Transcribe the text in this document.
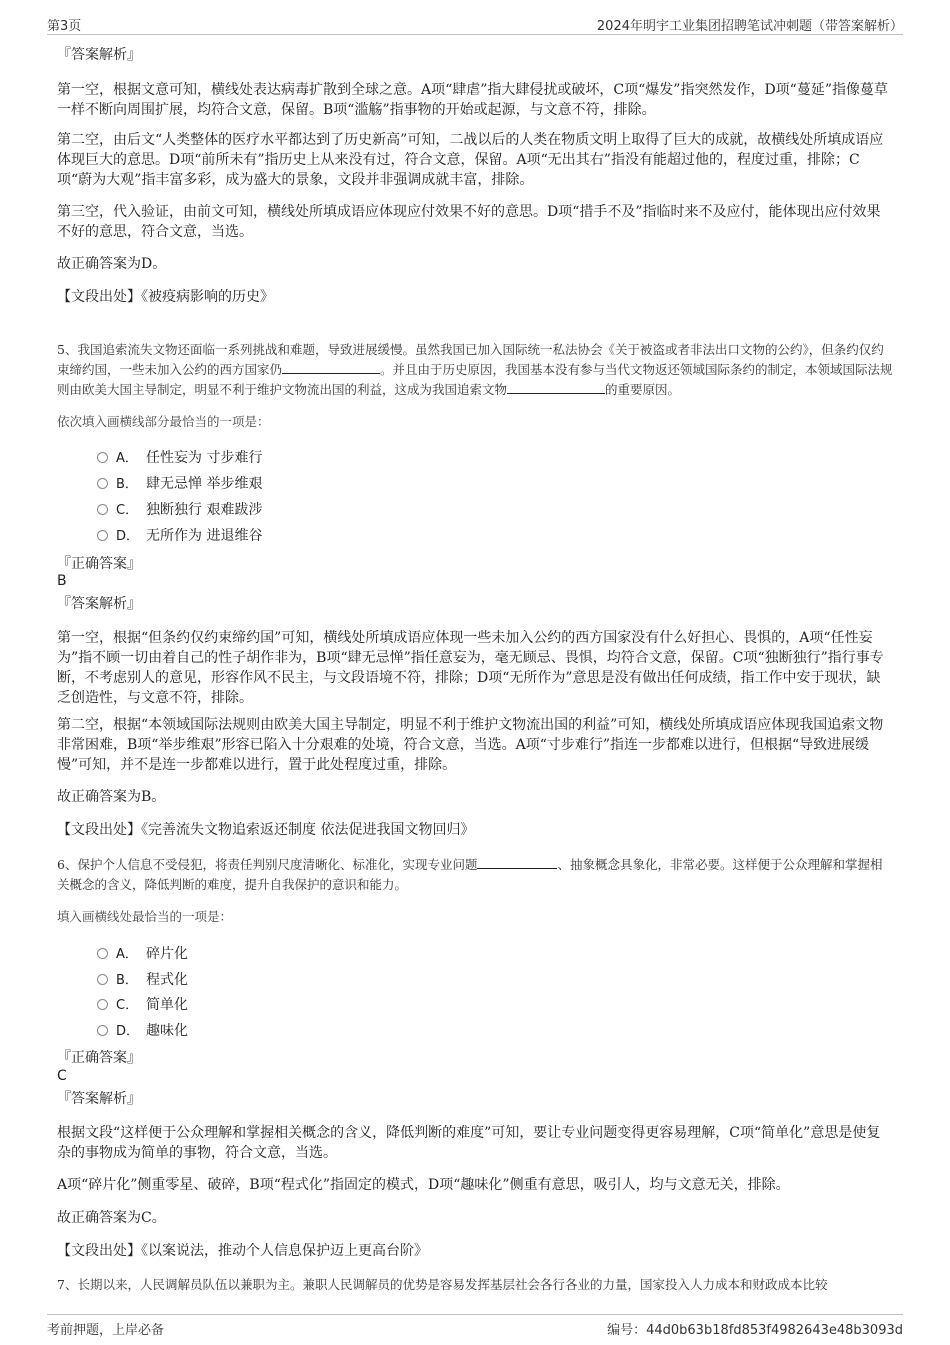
第3页	2024年明宇工业集团招聘笔试冲刺题（带答案解析）
『答案解析』

第一空，根据文意可知，横线处表达病毒扩散到全球之意。A项“肆虐”指大肆侵扰或破坏，C项“爆发”指突然发作，D项“蔓延”指像蔓草一样不断向周围扩展，均符合文意，保留。B项“滥觞”指事物的开始或起源，与文意不符，排除。

第二空，由后文“人类整体的医疗水平都达到了历史新高”可知，二战以后的人类在物质文明上取得了巨大的成就，故横线处所填成语应体现巨大的意思。D项“前所未有”指历史上从来没有过，符合文意，保留。A项“无出其右”指没有能超过他的，程度过重，排除；C项“蔚为大观”指丰富多彩，成为盛大的景象，文段并非强调成就丰富，排除。

第三空，代入验证，由前文可知，横线处所填成语应体现应付效果不好的意思。D项“措手不及”指临时来不及应付，能体现出应付效果不好的意思，符合文意，当选。

故正确答案为D。

【文段出处】《被疫病影响的历史》

5、我国追索流失文物还面临一系列挑战和难题，导致进展缓慢。虽然我国已加入国际统一私法协会《关于被盗或者非法出口文物的公约》，但条约仅约束缔约国，一些未加入公约的西方国家仍	。并且由于历史原因，我国基本没有参与当代文物返还领域国际条约的制定，本领域国际法规则由欧美大国主导制定，明显不利于维护文物流出国的利益，这成为我国追索文物	的重要原因。
依次填入画横线部分最恰当的一项是：
A． 任性妄为 寸步难行
B． 肆无忌惮 举步维艰
C． 独断独行 艰难跋涉
D． 无所作为 进退维谷
『正确答案』
B
『答案解析』

第一空，根据“但条约仅约束缔约国”可知，横线处所填成语应体现一些未加入公约的西方国家没有什么好担心、畏惧的，A项“任性妄为”指不顾一切由着自己的性子胡作非为，B项“肆无忌惮”指任意妄为，毫无顾忌、畏惧，均符合文意，保留。C项“独断独行”指行事专断，不考虑别人的意见，形容作风不民主，与文段语境不符，排除；D项“无所作为”意思是没有做出任何成绩，指工作中安于现状，缺乏创造性，与文意不符，排除。

第二空，根据“本领域国际法规则由欧美大国主导制定，明显不利于维护文物流出国的利益”可知，横线处所填成语应体现我国追索文物非常困难，B项“举步维艰”形容已陷入十分艰难的处境，符合文意，当选。A项“寸步难行”指连一步都难以进行，但根据“导致进展缓慢”可知，并不是连一步都难以进行，置于此处程度过重，排除。

故正确答案为B。

【文段出处】《完善流失文物追索返还制度 依法促进我国文物回归》

6、保护个人信息不受侵犯，将责任判别尺度清晰化、标准化，实现专业问题	、抽象概念具象化，非常必要。这样便于公众理解和掌握相关概念的含义，降低判断的难度，提升自我保护的意识和能力。
填入画横线处最恰当的一项是：
A． 碎片化
B． 程式化
C． 简单化
D． 趣味化
『正确答案』
C
『答案解析』

根据文段“这样便于公众理解和掌握相关概念的含义，降低判断的难度”可知，要让专业问题变得更容易理解，C项“简单化”意思是使复杂的事物成为简单的事物，符合文意，当选。

A项“碎片化”侧重零星、破碎，B项“程式化”指固定的模式，D项“趣味化”侧重有意思，吸引人，均与文意无关，排除。

故正确答案为C。

【文段出处】《以案说法，推动个人信息保护迈上更高台阶》

7、长期以来，人民调解员队伍以兼职为主。兼职人民调解员的优势是容易发挥基层社会各行各业的力量，国家投入人力成本和财政成本比较
考前押题，上岸必备	编号：44d0b63b18fd853f4982643e48b3093d
